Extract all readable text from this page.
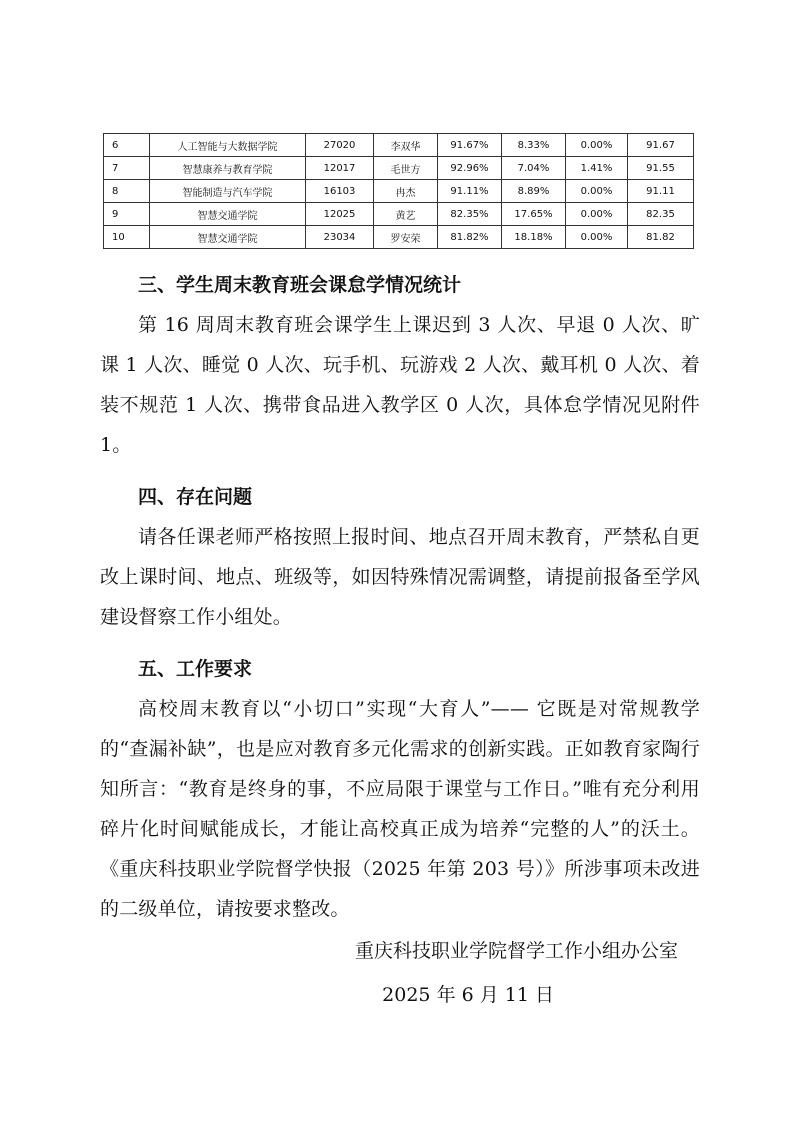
6	人工智能与大数据学院	27020	李双华	91.67%	8.33%	0.00%	91.67
7	智慧康养与教育学院	12017	毛世方	92.96%	7.04%	1.41%	91.55
8	智能制造与汽车学院	16103	冉杰	91.11%	8.89%	0.00%	91.11
9	智慧交通学院	12025	黄艺	82.35%	17.65%	0.00%	82.35
10	智慧交通学院	23034	罗安荣	81.82%	18.18%	0.00%	81.82
三、学生周末教育班会课怠学情况统计

第 16 周周末教育班会课学生上课迟到 3 人次、早退 0 人次、旷课 1 人次、睡觉 0 人次、玩手机、玩游戏 2 人次、戴耳机 0 人次、着装不规范 1 人次、携带食品进入教学区 0 人次，具体怠学情况见附件 1。

四、存在问题

请各任课老师严格按照上报时间、地点召开周末教育，严禁私自更改上课时间、地点、班级等，如因特殊情况需调整，请提前报备至学风建设督察工作小组处。

五、工作要求

高校周末教育以“小切口”实现“大育人”—— 它既是对常规教学的“查漏补缺”，也是应对教育多元化需求的创新实践。正如教育家陶行知所言：“教育是终身的事，不应局限于课堂与工作日。”唯有充分利用碎片化时间赋能成长，才能让高校真正成为培养“完整的人”的沃土。《重庆科技职业学院督学快报（2025 年第 203 号）》所涉事项未改进的二级单位，请按要求整改。

重庆科技职业学院督学工作小组办公室

2025 年 6 月 11 日
